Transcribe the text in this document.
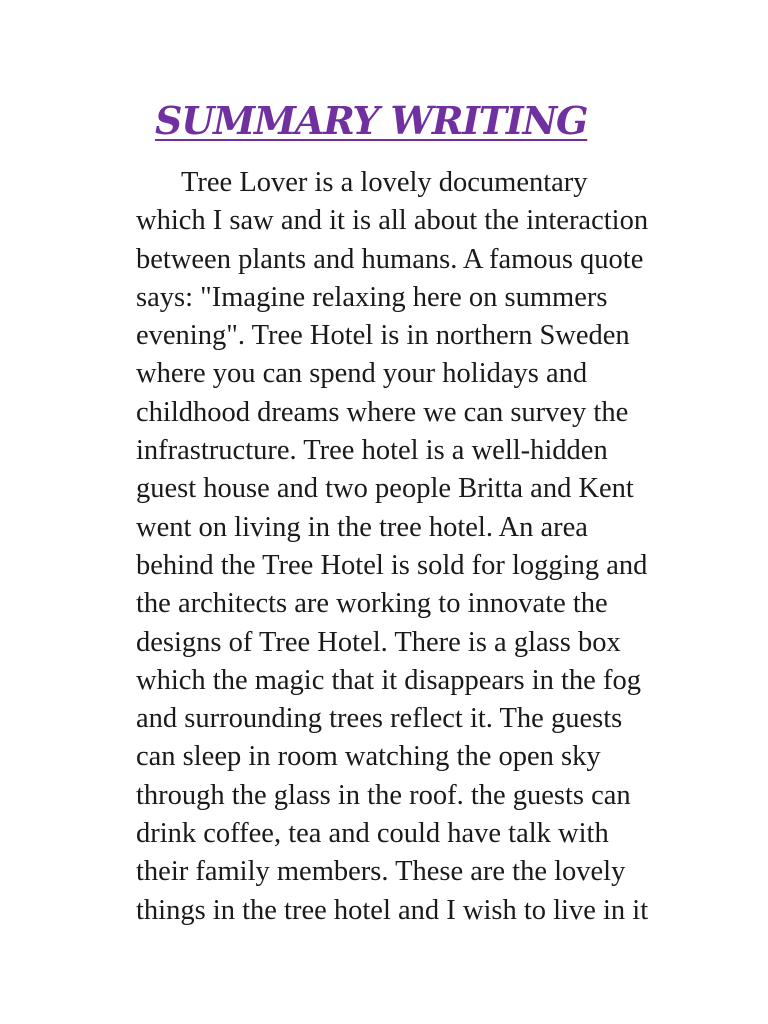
SUMMARY WRITING
Tree Lover is a lovely documentary
which I saw and it is all about the interaction
between plants and humans. A famous quote
says: "Imagine relaxing here on summers
evening". Tree Hotel is in northern Sweden
where you can spend your holidays and
childhood dreams where we can survey the
infrastructure. Tree hotel is a well-hidden
guest house and two people Britta and Kent
went on living in the tree hotel. An area
behind the Tree Hotel is sold for logging and
the architects are working to innovate the
designs of Tree Hotel. There is a glass box
which the magic that it disappears in the fog
and surrounding trees reflect it. The guests
can sleep in room watching the open sky
through the glass in the roof. the guests can
drink coffee, tea and could have talk with
their family members. These are the lovely
things in the tree hotel and I wish to live in it
